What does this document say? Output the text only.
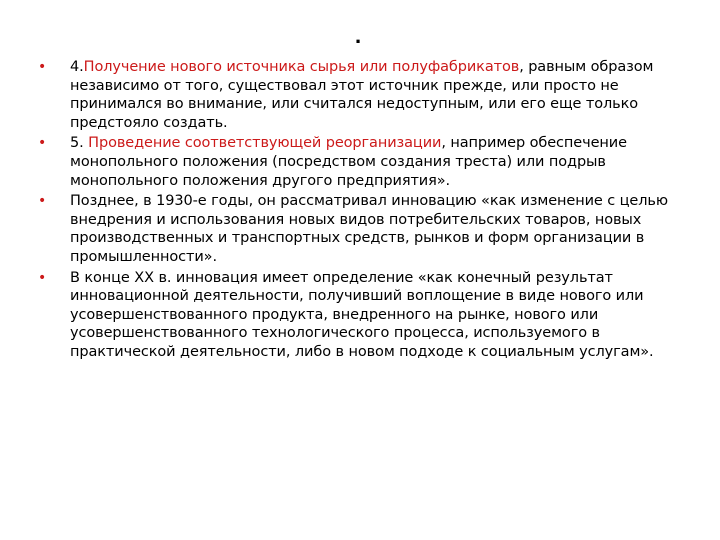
.
•	4.Получение нового источника сырья или полуфабрикатов, равным образом независимо от того, существовал этот источник прежде, или просто не принимался во внимание, или считался недоступным, или его еще только предстояло создать.
•	5. Проведение соответствующей реорганизации, например обеспечение монопольного положения (посредством создания треста) или подрыв монопольного положения другого предприятия».
•	Позднее, в 1930-е годы, он рассматривал инновацию «как изменение с целью внедрения и использования новых видов потребительских товаров, новых производственных и транспортных средств, рынков и форм организации в промышленности».
•	В конце XX в. инновация имеет определение «как конечный результат инновационной деятельности, получивший воплощение в виде нового или усовершенствованного продукта, внедренного на рынке, нового или усовершенствованного технологического процесса, используемого в практической деятельности, либо в новом подходе к социальным услугам».
